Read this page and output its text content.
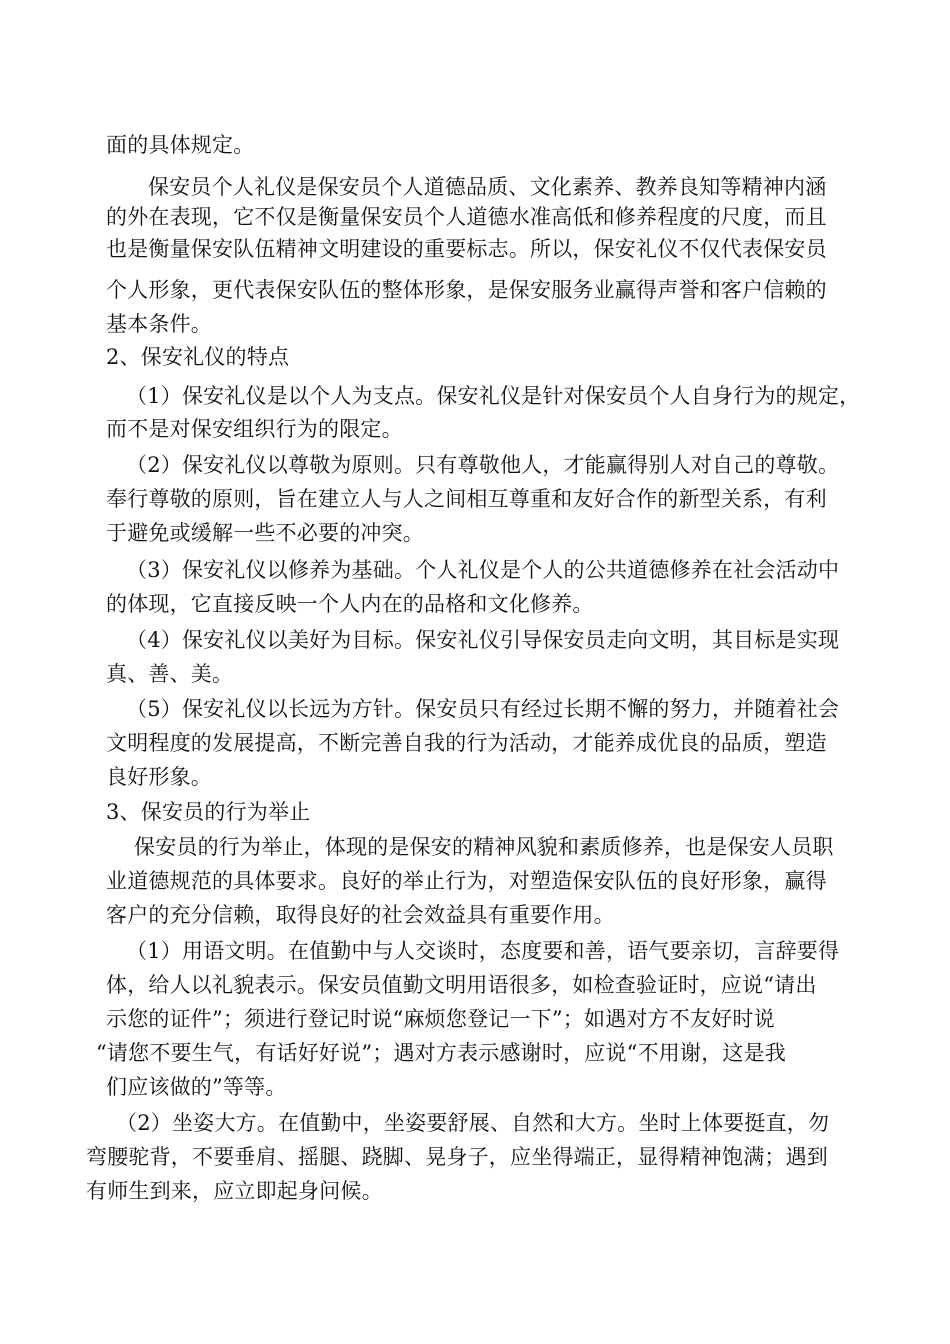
面的具体规定。
保安员个人礼仪是保安员个人道德品质、文化素养、教养良知等精神内涵
的外在表现，它不仅是衡量保安员个人道德水准高低和修养程度的尺度，而且
也是衡量保安队伍精神文明建设的重要标志。所以，保安礼仪不仅代表保安员
个人形象，更代表保安队伍的整体形象，是保安服务业赢得声誉和客户信赖的
基本条件。
2、保安礼仪的特点
（1）保安礼仪是以个人为支点。保安礼仪是针对保安员个人自身行为的规定，
而不是对保安组织行为的限定。
（2）保安礼仪以尊敬为原则。只有尊敬他人，才能赢得别人对自己的尊敬。
奉行尊敬的原则，旨在建立人与人之间相互尊重和友好合作的新型关系，有利
于避免或缓解一些不必要的冲突。
（3）保安礼仪以修养为基础。个人礼仪是个人的公共道德修养在社会活动中
的体现，它直接反映一个人内在的品格和文化修养。
（4）保安礼仪以美好为目标。保安礼仪引导保安员走向文明，其目标是实现
真、善、美。
（5）保安礼仪以长远为方针。保安员只有经过长期不懈的努力，并随着社会
文明程度的发展提高，不断完善自我的行为活动，才能养成优良的品质，塑造
良好形象。
3、保安员的行为举止
保安员的行为举止，体现的是保安的精神风貌和素质修养，也是保安人员职
业道德规范的具体要求。良好的举止行为，对塑造保安队伍的良好形象，赢得
客户的充分信赖，取得良好的社会效益具有重要作用。
（1）用语文明。在值勤中与人交谈时，态度要和善，语气要亲切，言辞要得
体，给人以礼貌表示。保安员值勤文明用语很多，如检查验证时，应说“请出
示您的证件”；须进行登记时说“麻烦您登记一下”；如遇对方不友好时说
“请您不要生气，有话好好说”；遇对方表示感谢时，应说“不用谢，这是我
们应该做的”等等。
（2）坐姿大方。在值勤中，坐姿要舒展、自然和大方。坐时上体要挺直，勿
弯腰驼背，不要垂肩、摇腿、跷脚、晃身子，应坐得端正，显得精神饱满；遇到
有师生到来，应立即起身问候。
